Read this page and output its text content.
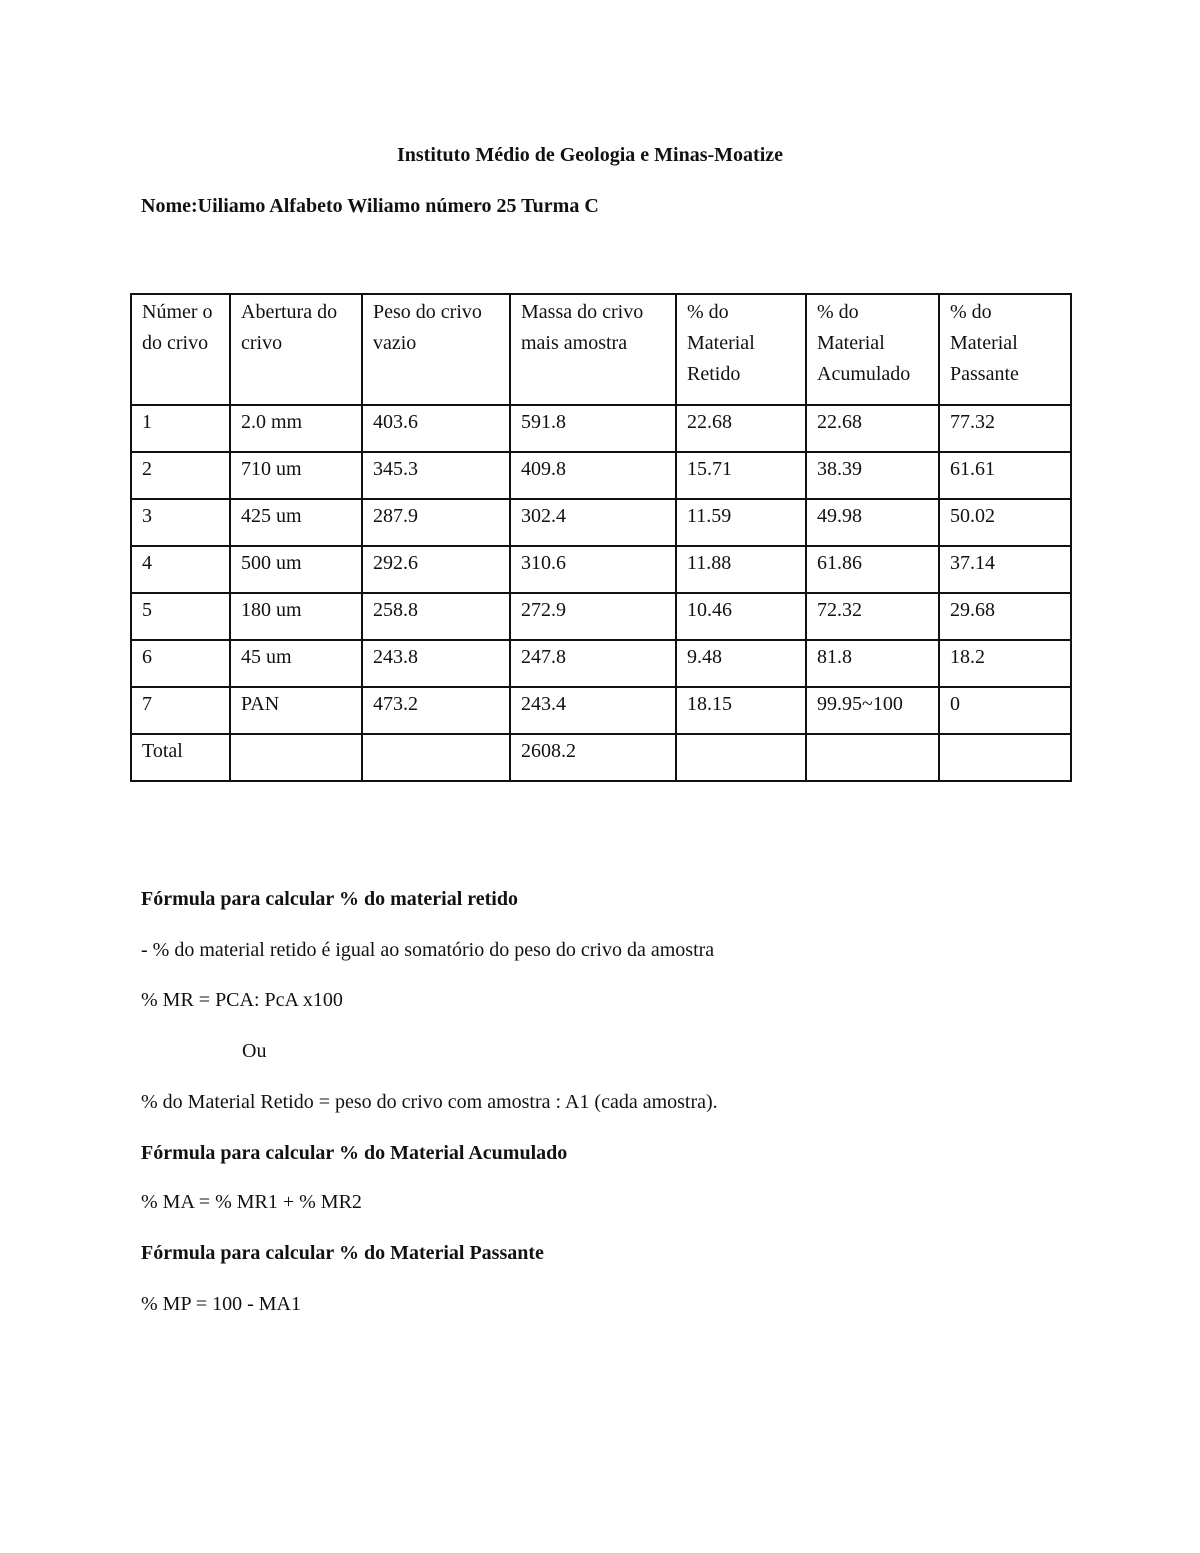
Instituto Médio de Geologia e Minas-Moatize
Nome:Uiliamo Alfabeto Wiliamo número 25 Turma C
Númer o do crivo	Abertura do crivo	Peso do crivo vazio	Massa do crivo mais amostra	% do Material Retido	% do Material Acumulado	% do Material Passante
1	2.0 mm	403.6	591.8	22.68	22.68	77.32
2	710 um	345.3	409.8	15.71	38.39	61.61
3	425 um	287.9	302.4	11.59	49.98	50.02
4	500 um	292.6	310.6	11.88	61.86	37.14
5	180 um	258.8	272.9	10.46	72.32	29.68
6	45 um	243.8	247.8	9.48	81.8	18.2
7	PAN	473.2	243.4	18.15	99.95~100	0
Total			2608.2			
Fórmula para calcular % do material retido
- % do material retido é igual ao somatório do peso do crivo da amostra
% MR = PCA: PcA x100
Ou
% do Material Retido = peso do crivo com amostra : A1 (cada amostra).
Fórmula para calcular % do Material Acumulado
% MA = % MR1 + % MR2
Fórmula para calcular % do Material Passante
% MP = 100 - MA1
